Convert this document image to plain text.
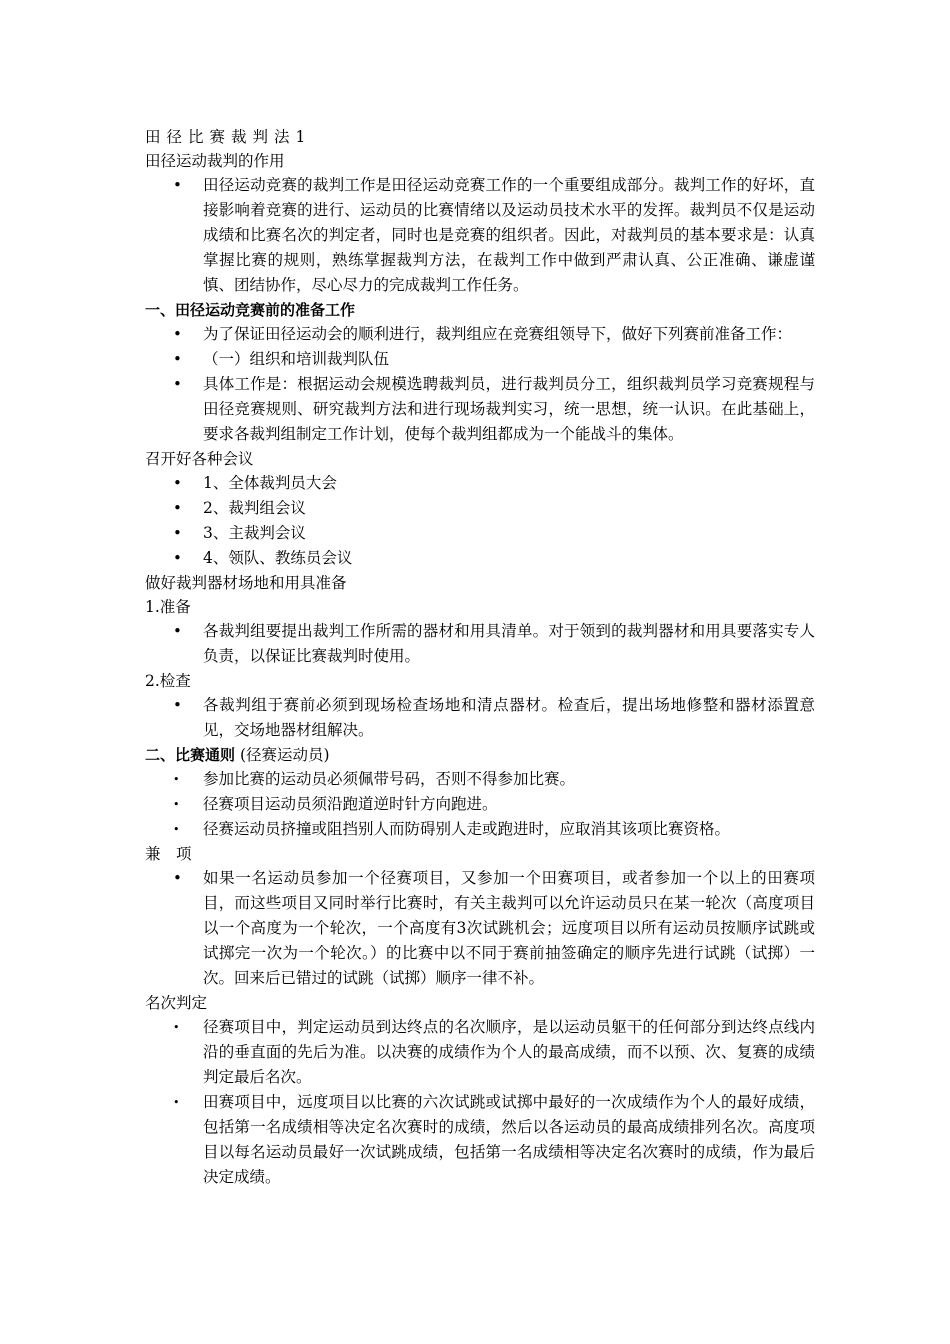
田径比赛裁判法1

田径运动裁判的作用

• 田径运动竞赛的裁判工作是田径运动竞赛工作的一个重要组成部分。裁判工作的好坏，直接影响着竞赛的进行、运动员的比赛情绪以及运动员技术水平的发挥。裁判员不仅是运动成绩和比赛名次的判定者，同时也是竞赛的组织者。因此，对裁判员的基本要求是：认真掌握比赛的规则，熟练掌握裁判方法，在裁判工作中做到严肃认真、公正准确、谦虚谨慎、团结协作，尽心尽力的完成裁判工作任务。

一、田径运动竞赛前的准备工作

• 为了保证田径运动会的顺利进行，裁判组应在竞赛组领导下，做好下列赛前准备工作：
• （一）组织和培训裁判队伍
• 具体工作是：根据运动会规模选聘裁判员，进行裁判员分工，组织裁判员学习竞赛规程与田径竞赛规则、研究裁判方法和进行现场裁判实习，统一思想，统一认识。在此基础上，要求各裁判组制定工作计划，使每个裁判组都成为一个能战斗的集体。

召开好各种会议

• 1、全体裁判员大会
• 2、裁判组会议
• 3、主裁判会议
• 4、领队、教练员会议

做好裁判器材场地和用具准备

1.准备

• 各裁判组要提出裁判工作所需的器材和用具清单。对于领到的裁判器材和用具要落实专人负责，以保证比赛裁判时使用。

2.检查

• 各裁判组于赛前必须到现场检查场地和清点器材。检查后，提出场地修整和器材添置意见，交场地器材组解决。

二、比赛通则 (径赛运动员)

• 参加比赛的运动员必须佩带号码，否则不得参加比赛。
• 径赛项目运动员须沿跑道逆时针方向跑进。
• 径赛运动员挤撞或阻挡别人而防碍别人走或跑进时，应取消其该项比赛资格。

兼　项

• 如果一名运动员参加一个径赛项目，又参加一个田赛项目，或者参加一个以上的田赛项目，而这些项目又同时举行比赛时，有关主裁判可以允许运动员只在某一轮次（高度项目以一个高度为一个轮次，一个高度有3次试跳机会；远度项目以所有运动员按顺序试跳或试掷完一次为一个轮次。）的比赛中以不同于赛前抽签确定的顺序先进行试跳（试掷）一次。回来后已错过的试跳（试掷）顺序一律不补。

名次判定

• 径赛项目中，判定运动员到达终点的名次顺序，是以运动员躯干的任何部分到达终点线内沿的垂直面的先后为准。以决赛的成绩作为个人的最高成绩，而不以预、次、复赛的成绩判定最后名次。
• 田赛项目中，远度项目以比赛的六次试跳或试掷中最好的一次成绩作为个人的最好成绩，包括第一名成绩相等决定名次赛时的成绩，然后以各运动员的最高成绩排列名次。高度项目以每名运动员最好一次试跳成绩，包括第一名成绩相等决定名次赛时的成绩，作为最后决定成绩。
